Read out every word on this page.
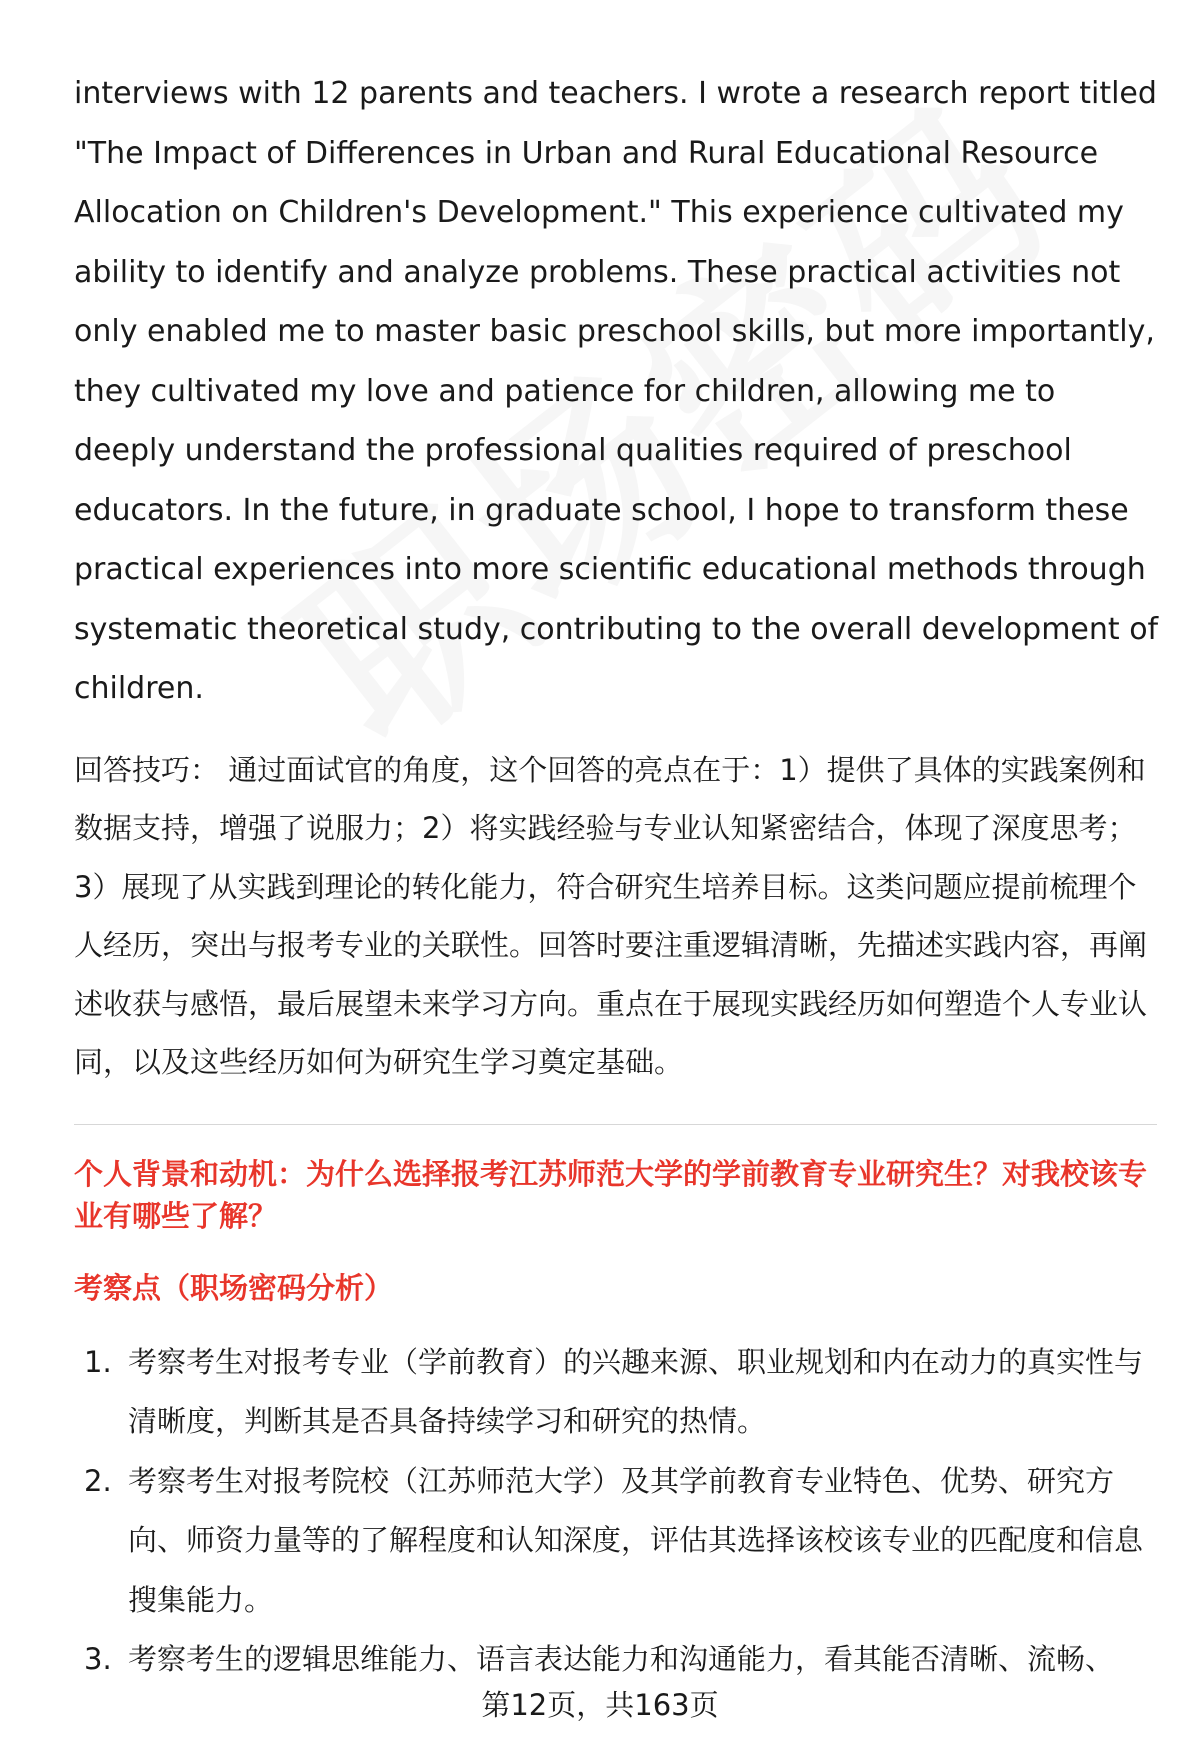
interviews with 12 parents and teachers. I wrote a research report titled "The Impact of Differences in Urban and Rural Educational Resource Allocation on Children's Development." This experience cultivated my ability to identify and analyze problems. These practical activities not only enabled me to master basic preschool skills, but more importantly, they cultivated my love and patience for children, allowing me to deeply understand the professional qualities required of preschool educators. In the future, in graduate school, I hope to transform these practical experiences into more scientific educational methods through systematic theoretical study, contributing to the overall development of children.

回答技巧： 通过面试官的角度，这个回答的亮点在于：1）提供了具体的实践案例和数据支持，增强了说服力；2）将实践经验与专业认知紧密结合，体现了深度思考；3）展现了从实践到理论的转化能力，符合研究生培养目标。这类问题应提前梳理个人经历，突出与报考专业的关联性。回答时要注重逻辑清晰，先描述实践内容，再阐述收获与感悟，最后展望未来学习方向。重点在于展现实践经历如何塑造个人专业认同，以及这些经历如何为研究生学习奠定基础。

个人背景和动机：为什么选择报考江苏师范大学的学前教育专业研究生？对我校该专业有哪些了解？

考察点（职场密码分析）

1. 考察考生对报考专业（学前教育）的兴趣来源、职业规划和内在动力的真实性与清晰度，判断其是否具备持续学习和研究的热情。
2. 考察考生对报考院校（江苏师范大学）及其学前教育专业特色、优势、研究方向、师资力量等的了解程度和认知深度，评估其选择该校该专业的匹配度和信息搜集能力。
3. 考察考生的逻辑思维能力、语言表达能力和沟通能力，看其能否清晰、流畅、
第12页，共163页
